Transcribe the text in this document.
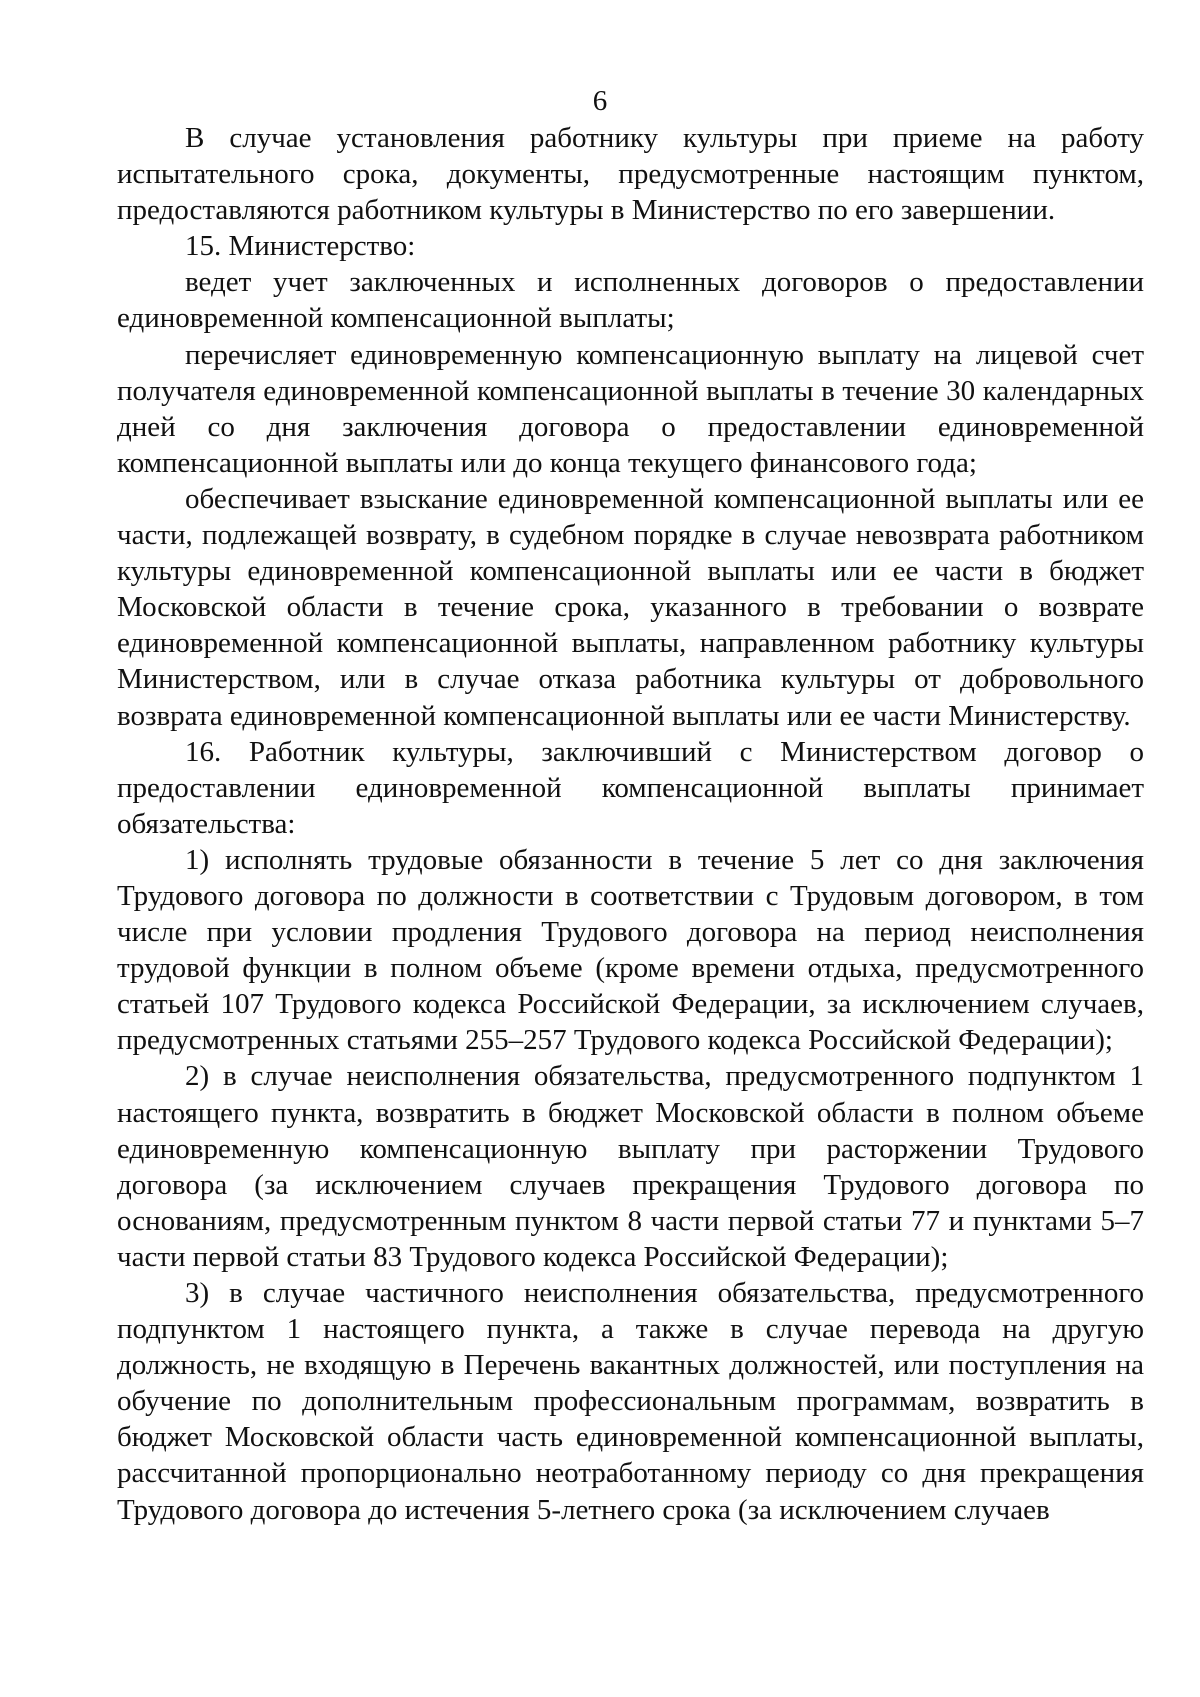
6

В случае установления работнику культуры при приеме на работу испытательного срока, документы, предусмотренные настоящим пунктом, предоставляются работником культуры в Министерство по его завершении.

15. Министерство:

ведет учет заключенных и исполненных договоров о предоставлении единовременной компенсационной выплаты;

перечисляет единовременную компенсационную выплату на лицевой счет получателя единовременной компенсационной выплаты в течение 30 календарных дней со дня заключения договора о предоставлении единовременной компенсационной выплаты или до конца текущего финансового года;

обеспечивает взыскание единовременной компенсационной выплаты или ее части, подлежащей возврату, в судебном порядке в случае невозврата работником культуры единовременной компенсационной выплаты или ее части в бюджет Московской области в течение срока, указанного в требовании о возврате единовременной компенсационной выплаты, направленном работнику культуры Министерством, или в случае отказа работника культуры от добровольного возврата единовременной компенсационной выплаты или ее части Министерству.

16. Работник культуры, заключивший с Министерством договор о предоставлении единовременной компенсационной выплаты принимает обязательства:

1) исполнять трудовые обязанности в течение 5 лет со дня заключения Трудового договора по должности в соответствии с Трудовым договором, в том числе при условии продления Трудового договора на период неисполнения трудовой функции в полном объеме (кроме времени отдыха, предусмотренного статьей 107 Трудового кодекса Российской Федерации, за исключением случаев, предусмотренных статьями 255–257 Трудового кодекса Российской Федерации);

2) в случае неисполнения обязательства, предусмотренного подпунктом 1 настоящего пункта, возвратить в бюджет Московской области в полном объеме единовременную компенсационную выплату при расторжении Трудового договора (за исключением случаев прекращения Трудового договора по основаниям, предусмотренным пунктом 8 части первой статьи 77 и пунктами 5–7 части первой статьи 83 Трудового кодекса Российской Федерации);

3) в случае частичного неисполнения обязательства, предусмотренного подпунктом 1 настоящего пункта, а также в случае перевода на другую должность, не входящую в Перечень вакантных должностей, или поступления на обучение по дополнительным профессиональным программам, возвратить в бюджет Московской области часть единовременной компенсационной выплаты, рассчитанной пропорционально неотработанному периоду со дня прекращения Трудового договора до истечения 5-летнего срока (за исключением случаев
